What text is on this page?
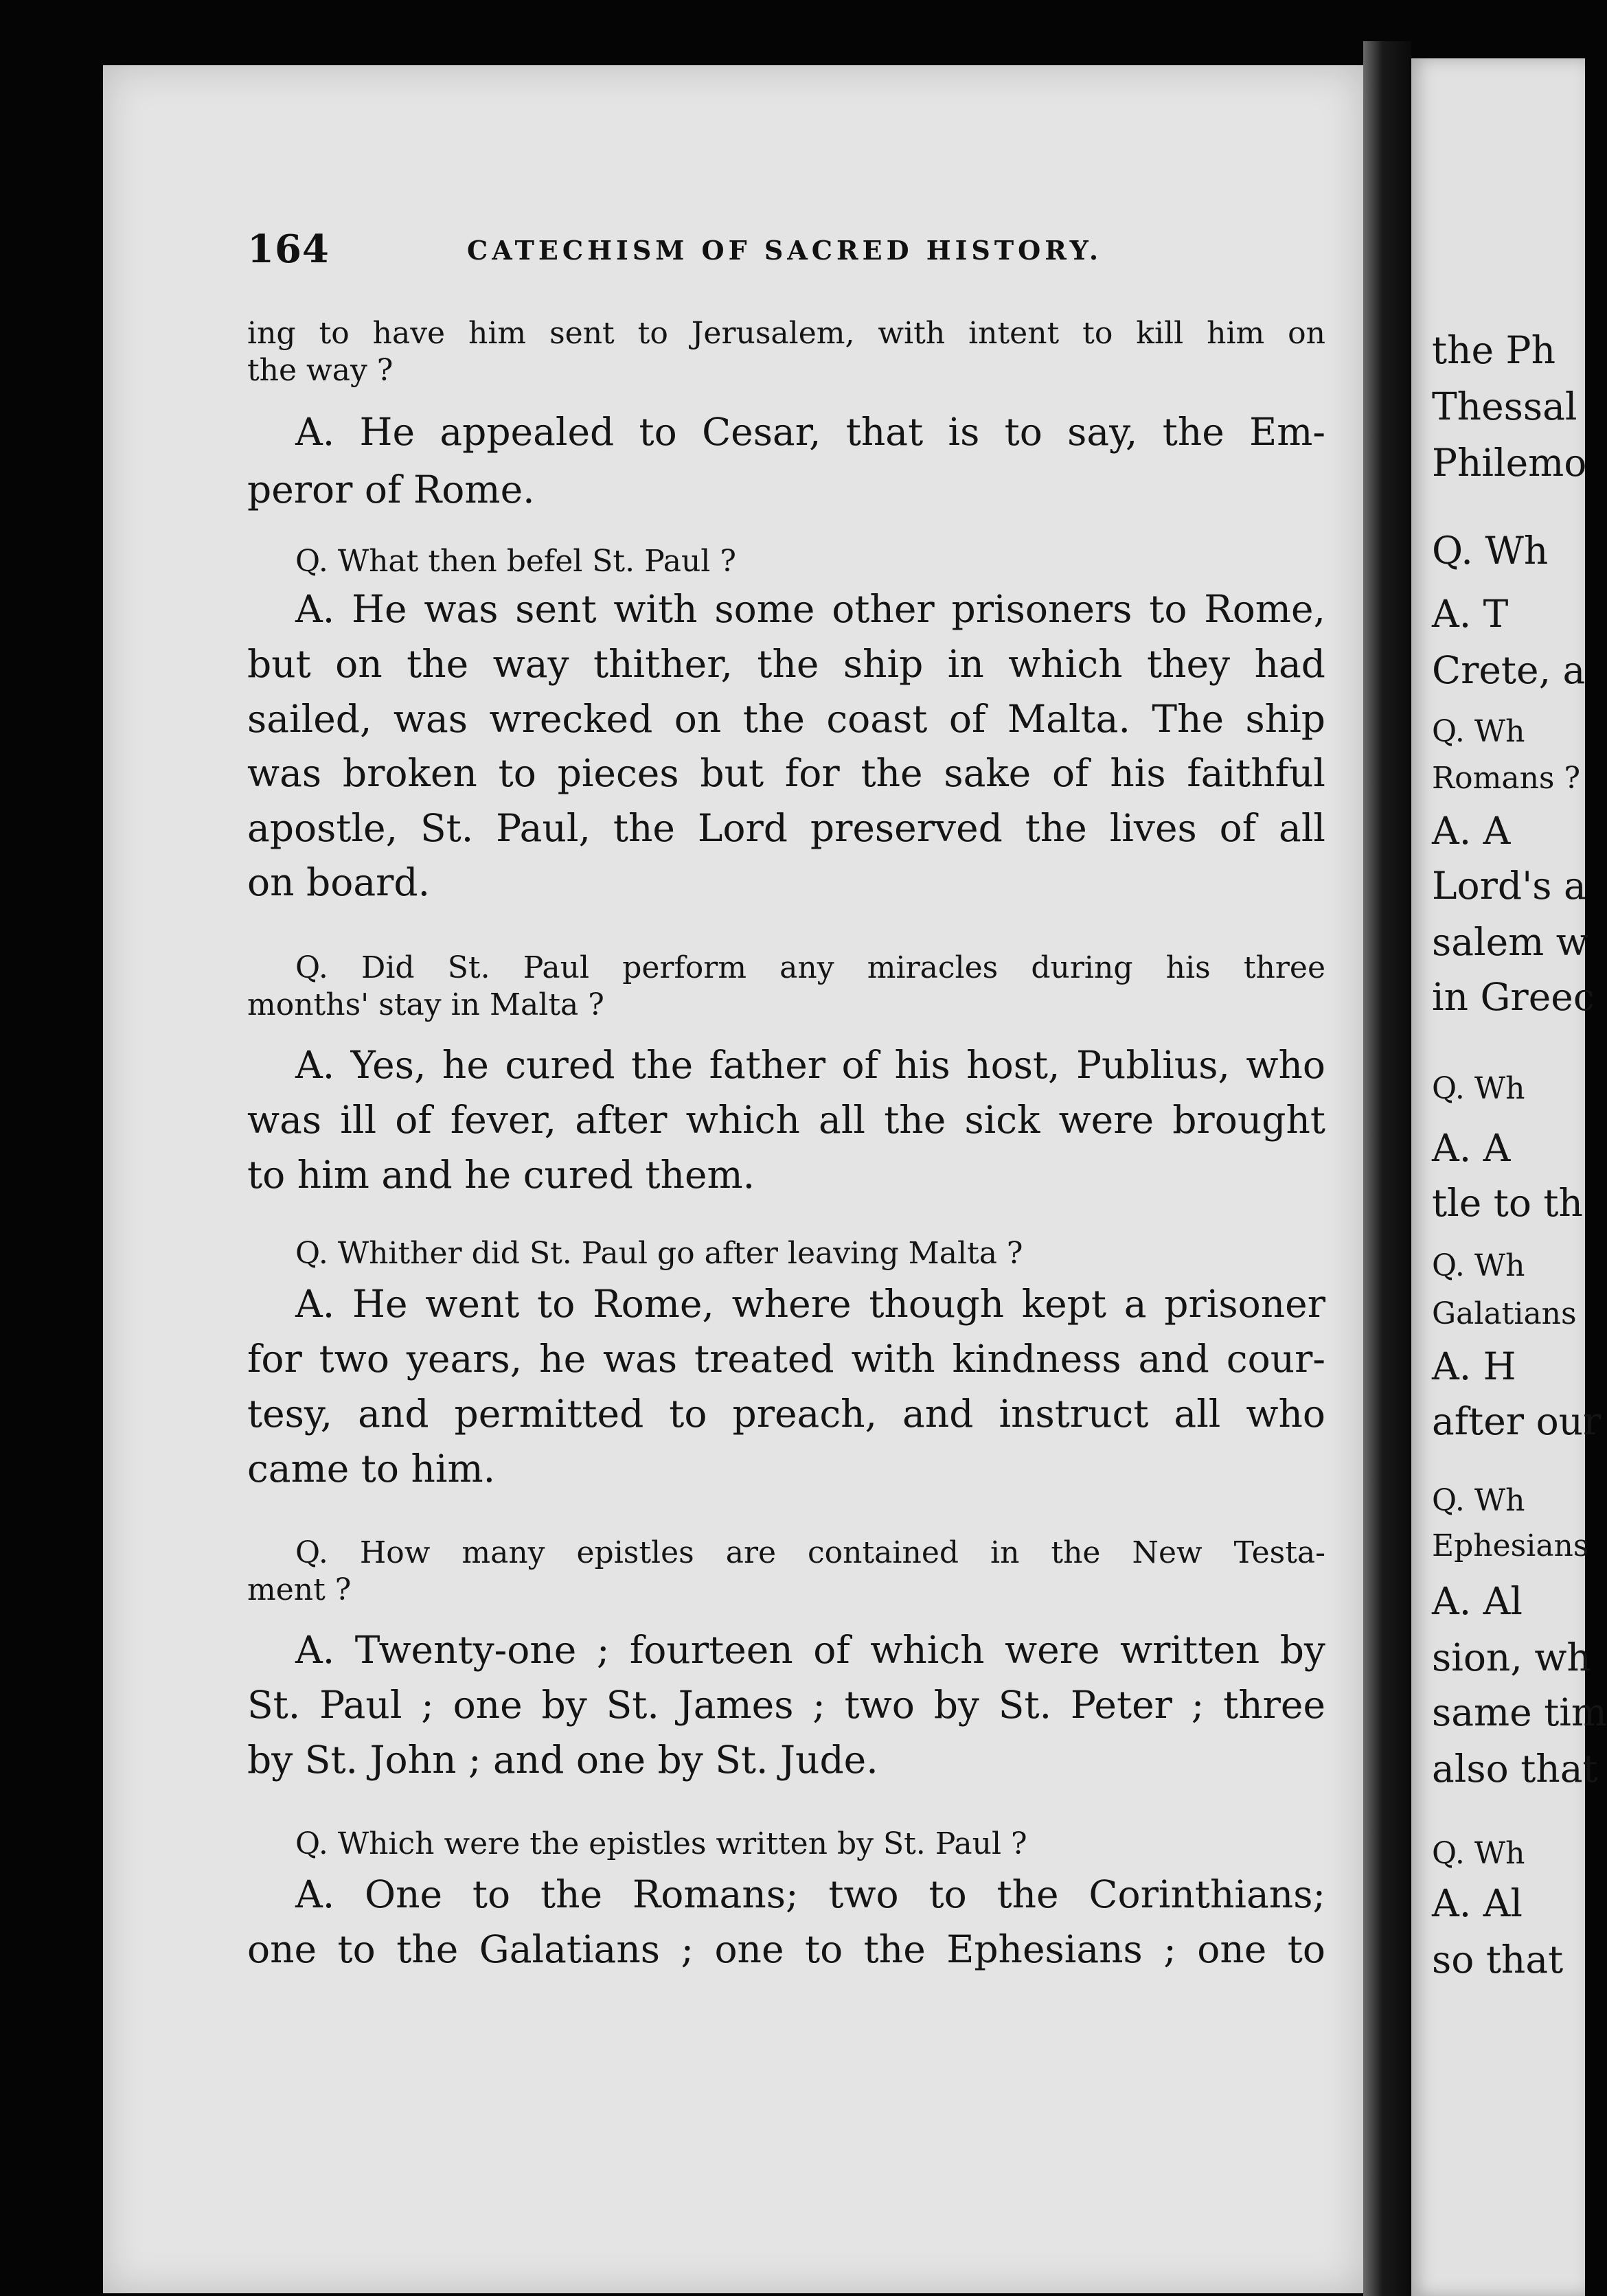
164	CATECHISM OF SACRED HISTORY.

ing to have him sent to Jerusalem, with intent to kill him on

the way ?

A. He appealed to Cesar, that is to say, the Em-

peror of Rome.

Q. What then befel St. Paul ?

A. He was sent with some other prisoners to Rome,
but on the way thither, the ship in which they had
sailed, was wrecked on the coast of Malta. The ship
was broken to pieces but for the sake of his faithful
apostle, St. Paul, the Lord preserved the lives of all

on board.

Q. Did St. Paul perform any miracles during his three

months' stay in Malta ?

A. Yes, he cured the father of his host, Publius, who
was ill of fever, after which all the sick were brought

to him and he cured them.

Q. Whither did St. Paul go after leaving Malta ?

A. He went to Rome, where though kept a prisoner
for two years, he was treated with kindness and cour-
tesy, and permitted to preach, and instruct all who

came to him.

Q. How many epistles are contained in the New Testa-

ment ?

A. Twenty-one ; fourteen of which were written by
St. Paul ; one by St. James ; two by St. Peter ; three

by St. John ; and one by St. Jude.

Q. Which were the epistles written by St. Paul ?

A. One to the Romans; two to the Corinthians;
one to the Galatians ; one to the Ephesians ; one to

the Ph

Thessal

Philemo

Q. Wh

A. T

Crete, a

Q. Wh

Romans ?

A. A

Lord's a

salem w

in Greec

Q. Wh

A. A

tle to th

Q. Wh

Galatians

A. H

after our

Q. Wh

Ephesians

A. Al

sion, wh

same tim

also that

Q. Wh

A. Al

so that
